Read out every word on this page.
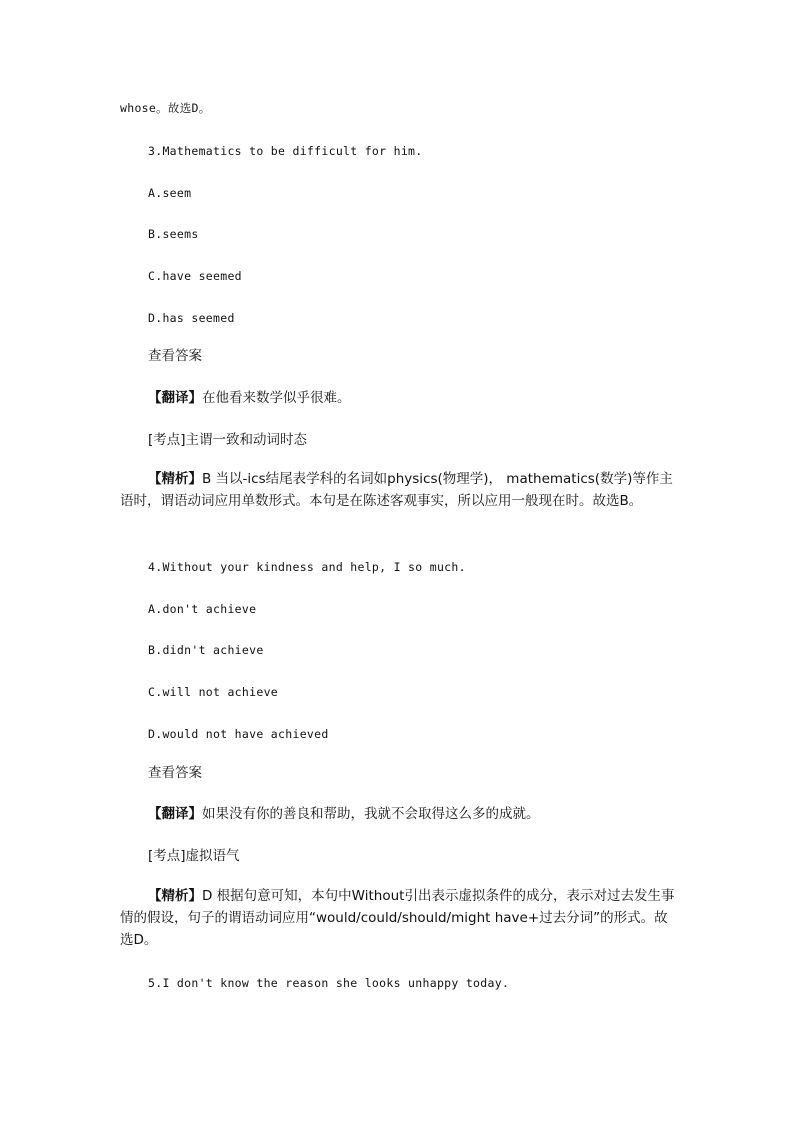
whose。故选D。
3.Mathematics to be difficult for him.
A.seem
B.seems
C.have seemed
D.has seemed
查看答案
【翻译】在他看来数学似乎很难。
[考点]主谓一致和动词时态
【精析】B 当以-ics结尾表学科的名词如physics(物理学)， mathematics(数学)等作主语时，谓语动词应用单数形式。本句是在陈述客观事实，所以应用一般现在时。故选B。
4.Without your kindness and help, I so much.
A.don't achieve
B.didn't achieve
C.will not achieve
D.would not have achieved
查看答案
【翻译】如果没有你的善良和帮助，我就不会取得这么多的成就。
[考点]虚拟语气
【精析】D 根据句意可知，本句中Without引出表示虚拟条件的成分，表示对过去发生事情的假设，句子的谓语动词应用“would/could/should/might have+过去分词”的形式。故选D。
5.I don't know the reason she looks unhappy today.
